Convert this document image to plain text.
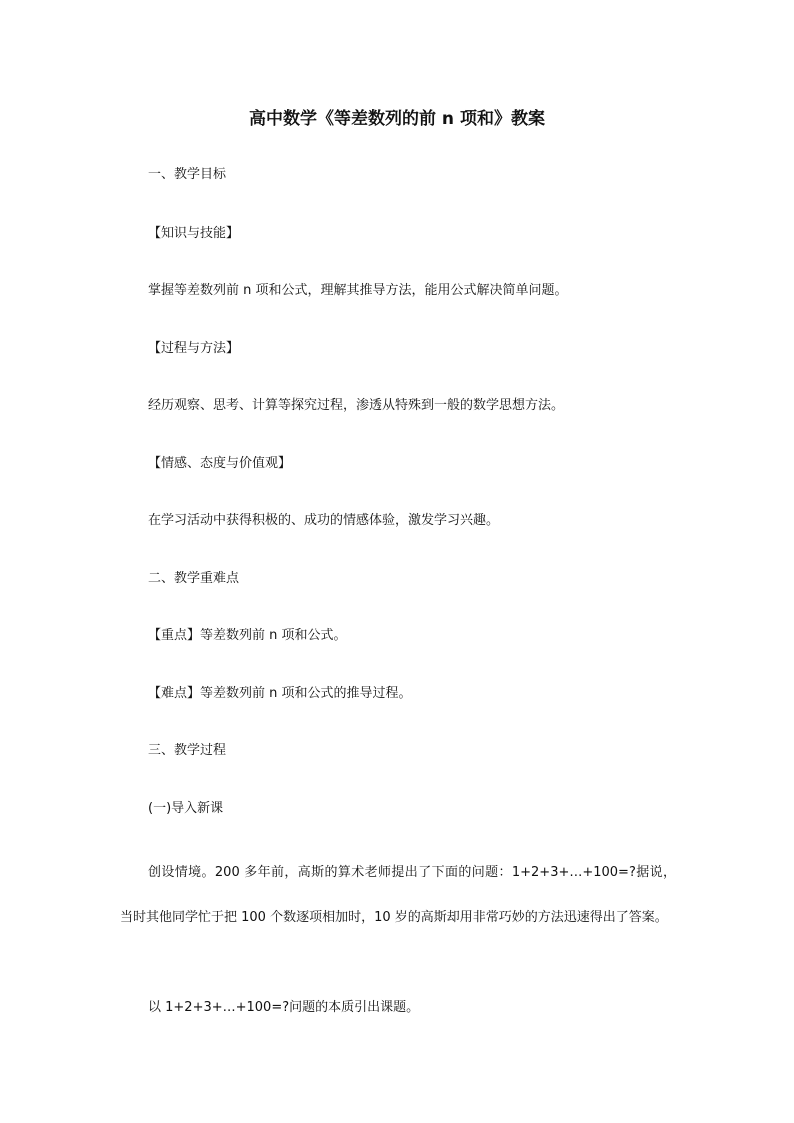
高中数学《等差数列的前 n 项和》教案
一、教学目标
【知识与技能】
掌握等差数列前 n 项和公式，理解其推导方法，能用公式解决简单问题。
【过程与方法】
经历观察、思考、计算等探究过程，渗透从特殊到一般的数学思想方法。
【情感、态度与价值观】
在学习活动中获得积极的、成功的情感体验，激发学习兴趣。
二、教学重难点
【重点】等差数列前 n 项和公式。
【难点】等差数列前 n 项和公式的推导过程。
三、教学过程
(一)导入新课
创设情境。200 多年前，高斯的算术老师提出了下面的问题：1+2+3+…+100=?据说，当时其他同学忙于把 100 个数逐项相加时，10 岁的高斯却用非常巧妙的方法迅速得出了答案。
以 1+2+3+…+100=?问题的本质引出课题。
